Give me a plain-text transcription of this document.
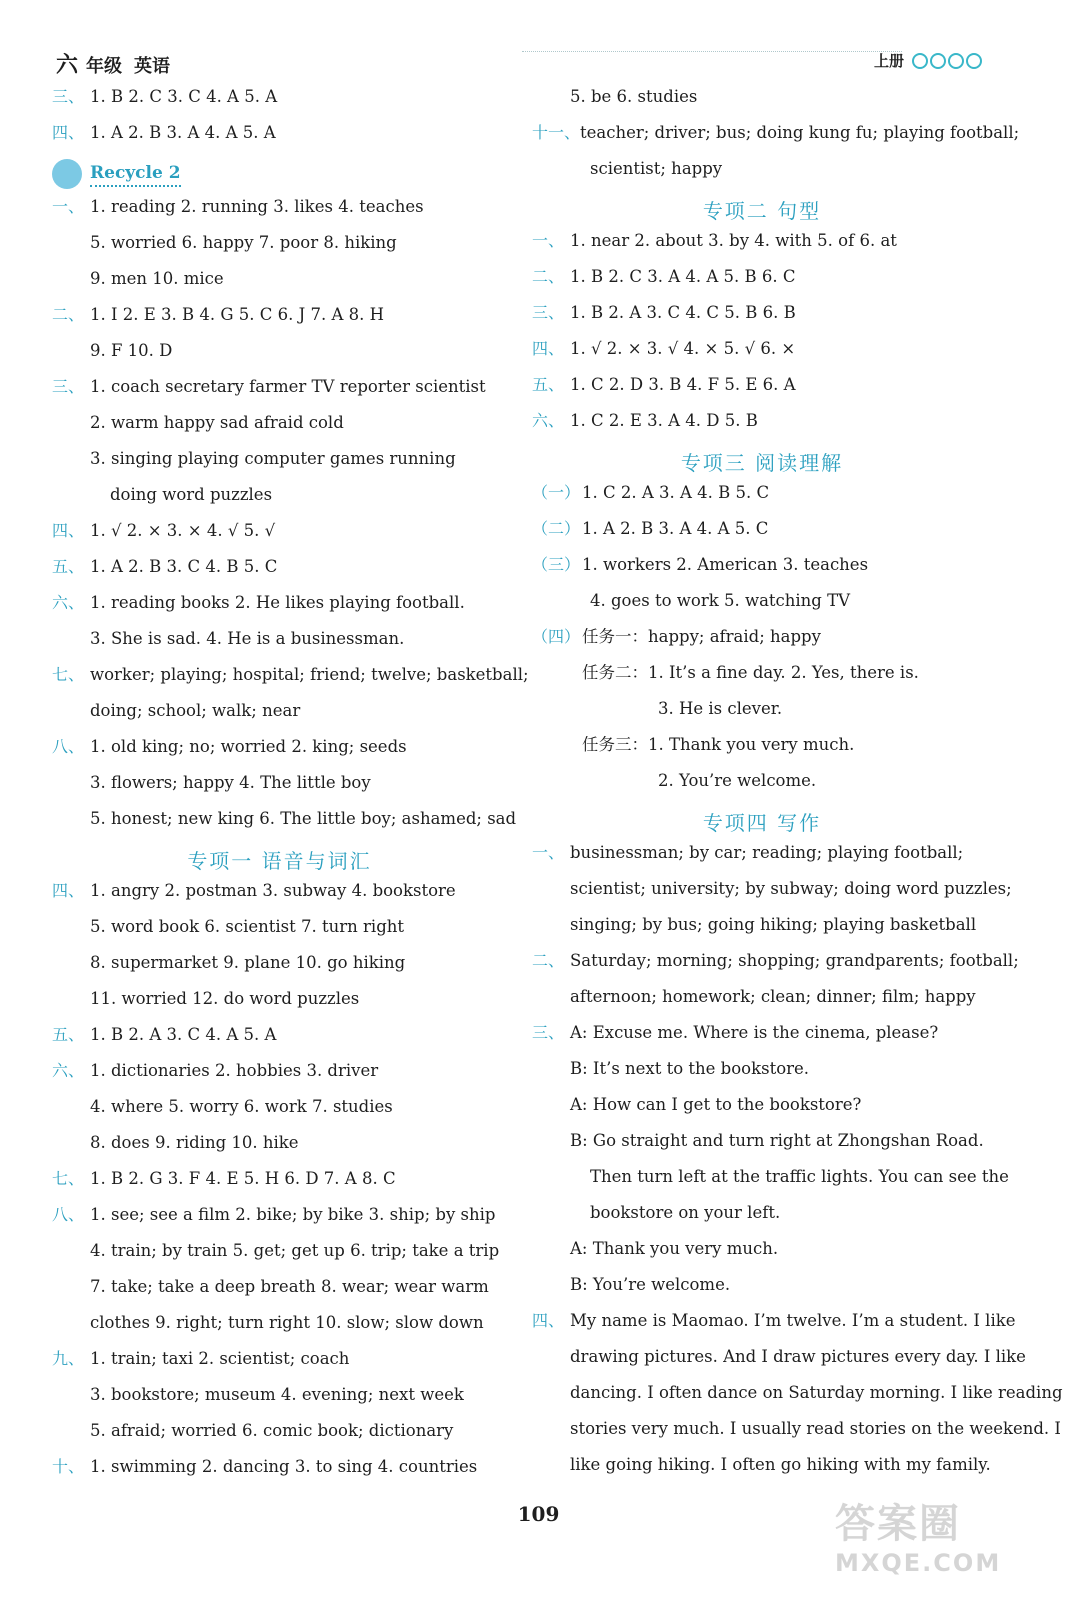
六 年级 英语	上册
三、 1. B 2. C 3. C 4. A 5. A
四、 1. A 2. B 3. A 4. A 5. A
Recycle 2
一、 1. reading 2. running 3. likes 4. teaches
5. worried 6. happy 7. poor 8. hiking
9. men 10. mice
二、 1. I 2. E 3. B 4. G 5. C 6. J 7. A 8. H
9. F 10. D
三、 1. coach secretary farmer TV reporter scientist
2. warm happy sad afraid cold
3. singing playing computer games running
doing word puzzles
四、 1. √ 2. × 3. × 4. √ 5. √
五、 1. A 2. B 3. C 4. B 5. C
六、 1. reading books 2. He likes playing football.
3. She is sad. 4. He is a businessman.
七、 worker; playing; hospital; friend; twelve; basketball;
doing; school; walk; near
八、 1. old king; no; worried 2. king; seeds
3. flowers; happy 4. The little boy
5. honest; new king 6. The little boy; ashamed; sad
专项一 语音与词汇
四、 1. angry 2. postman 3. subway 4. bookstore
5. word book 6. scientist 7. turn right
8. supermarket 9. plane 10. go hiking
11. worried 12. do word puzzles
五、 1. B 2. A 3. C 4. A 5. A
六、 1. dictionaries 2. hobbies 3. driver
4. where 5. worry 6. work 7. studies
8. does 9. riding 10. hike
七、 1. B 2. G 3. F 4. E 5. H 6. D 7. A 8. C
八、 1. see; see a film 2. bike; by bike 3. ship; by ship
4. train; by train 5. get; get up 6. trip; take a trip
7. take; take a deep breath 8. wear; wear warm
clothes 9. right; turn right 10. slow; slow down
九、 1. train; taxi 2. scientist; coach
3. bookstore; museum 4. evening; next week
5. afraid; worried 6. comic book; dictionary
十、 1. swimming 2. dancing 3. to sing 4. countries
5. be 6. studies
十一、teacher; driver; bus; doing kung fu; playing football;
scientist; happy
专项二 句型
一、 1. near 2. about 3. by 4. with 5. of 6. at
二、 1. B 2. C 3. A 4. A 5. B 6. C
三、 1. B 2. A 3. C 4. C 5. B 6. B
四、 1. √ 2. × 3. √ 4. × 5. √ 6. ×
五、 1. C 2. D 3. B 4. F 5. E 6. A
六、 1. C 2. E 3. A 4. D 5. B
专项三 阅读理解
（一） 1. C 2. A 3. A 4. B 5. C
（二） 1. A 2. B 3. A 4. A 5. C
（三） 1. workers 2. American 3. teaches
4. goes to work 5. watching TV
（四） 任务一：happy; afraid; happy
任务二：1. It’s a fine day. 2. Yes, there is.
3. He is clever.
任务三：1. Thank you very much.
2. You’re welcome.
专项四 写作
一、 businessman; by car; reading; playing football;
scientist; university; by subway; doing word puzzles;
singing; by bus; going hiking; playing basketball
二、 Saturday; morning; shopping; grandparents; football;
afternoon; homework; clean; dinner; film; happy
三、 A: Excuse me. Where is the cinema, please?
B: It’s next to the bookstore.
A: How can I get to the bookstore?
B: Go straight and turn right at Zhongshan Road.
Then turn left at the traffic lights. You can see the
bookstore on your left.
A: Thank you very much.
B: You’re welcome.
四、 My name is Maomao. I’m twelve. I’m a student. I like
drawing pictures. And I draw pictures every day. I like
dancing. I often dance on Saturday morning. I like reading
stories very much. I usually read stories on the weekend. I
like going hiking. I often go hiking with my family.
109	答案圈
MXQE.COM
